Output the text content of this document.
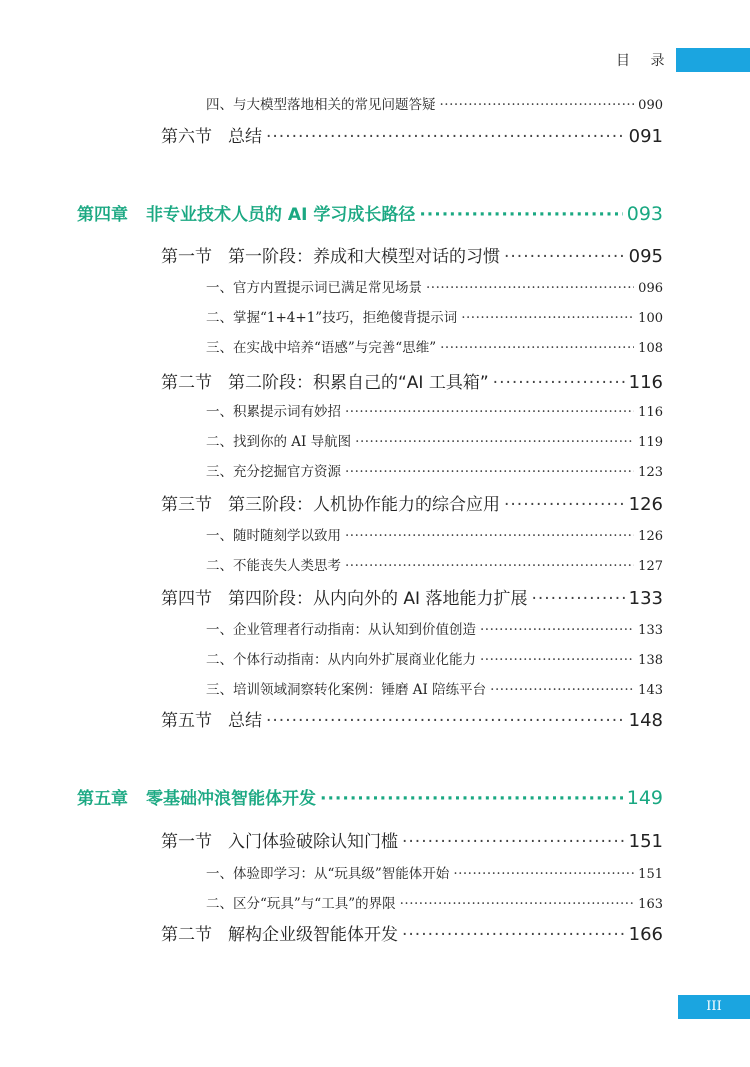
目 录
四、与大模型落地相关的常见问题答疑 ·····	090
第六节 总结 ·····	091
第四章 非专业技术人员的 AI 学习成长路径 ·····	093
第一节 第一阶段：养成和大模型对话的习惯 ·····	095
一、官方内置提示词已满足常见场景 ·····	096
二、掌握“1+4+1”技巧，拒绝傻背提示词 ·····	100
三、在实战中培养“语感”与完善“思维” ·····	108
第二节 第二阶段：积累自己的“AI 工具箱” ·····	116
一、积累提示词有妙招 ·····	116
二、找到你的 AI 导航图 ·····	119
三、充分挖掘官方资源 ·····	123
第三节 第三阶段：人机协作能力的综合应用 ·····	126
一、随时随刻学以致用 ·····	126
二、不能丧失人类思考 ·····	127
第四节 第四阶段：从内向外的 AI 落地能力扩展 ·····	133
一、企业管理者行动指南：从认知到价值创造 ·····	133
二、个体行动指南：从内向外扩展商业化能力 ·····	138
三、培训领域洞察转化案例：锤磨 AI 陪练平台 ·····	143
第五节 总结 ·····	148
第五章 零基础冲浪智能体开发 ·····	149
第一节 入门体验破除认知门槛 ·····	151
一、体验即学习：从“玩具级”智能体开始 ·····	151
二、区分“玩具”与“工具”的界限 ·····	163
第二节 解构企业级智能体开发 ·····	166
III
